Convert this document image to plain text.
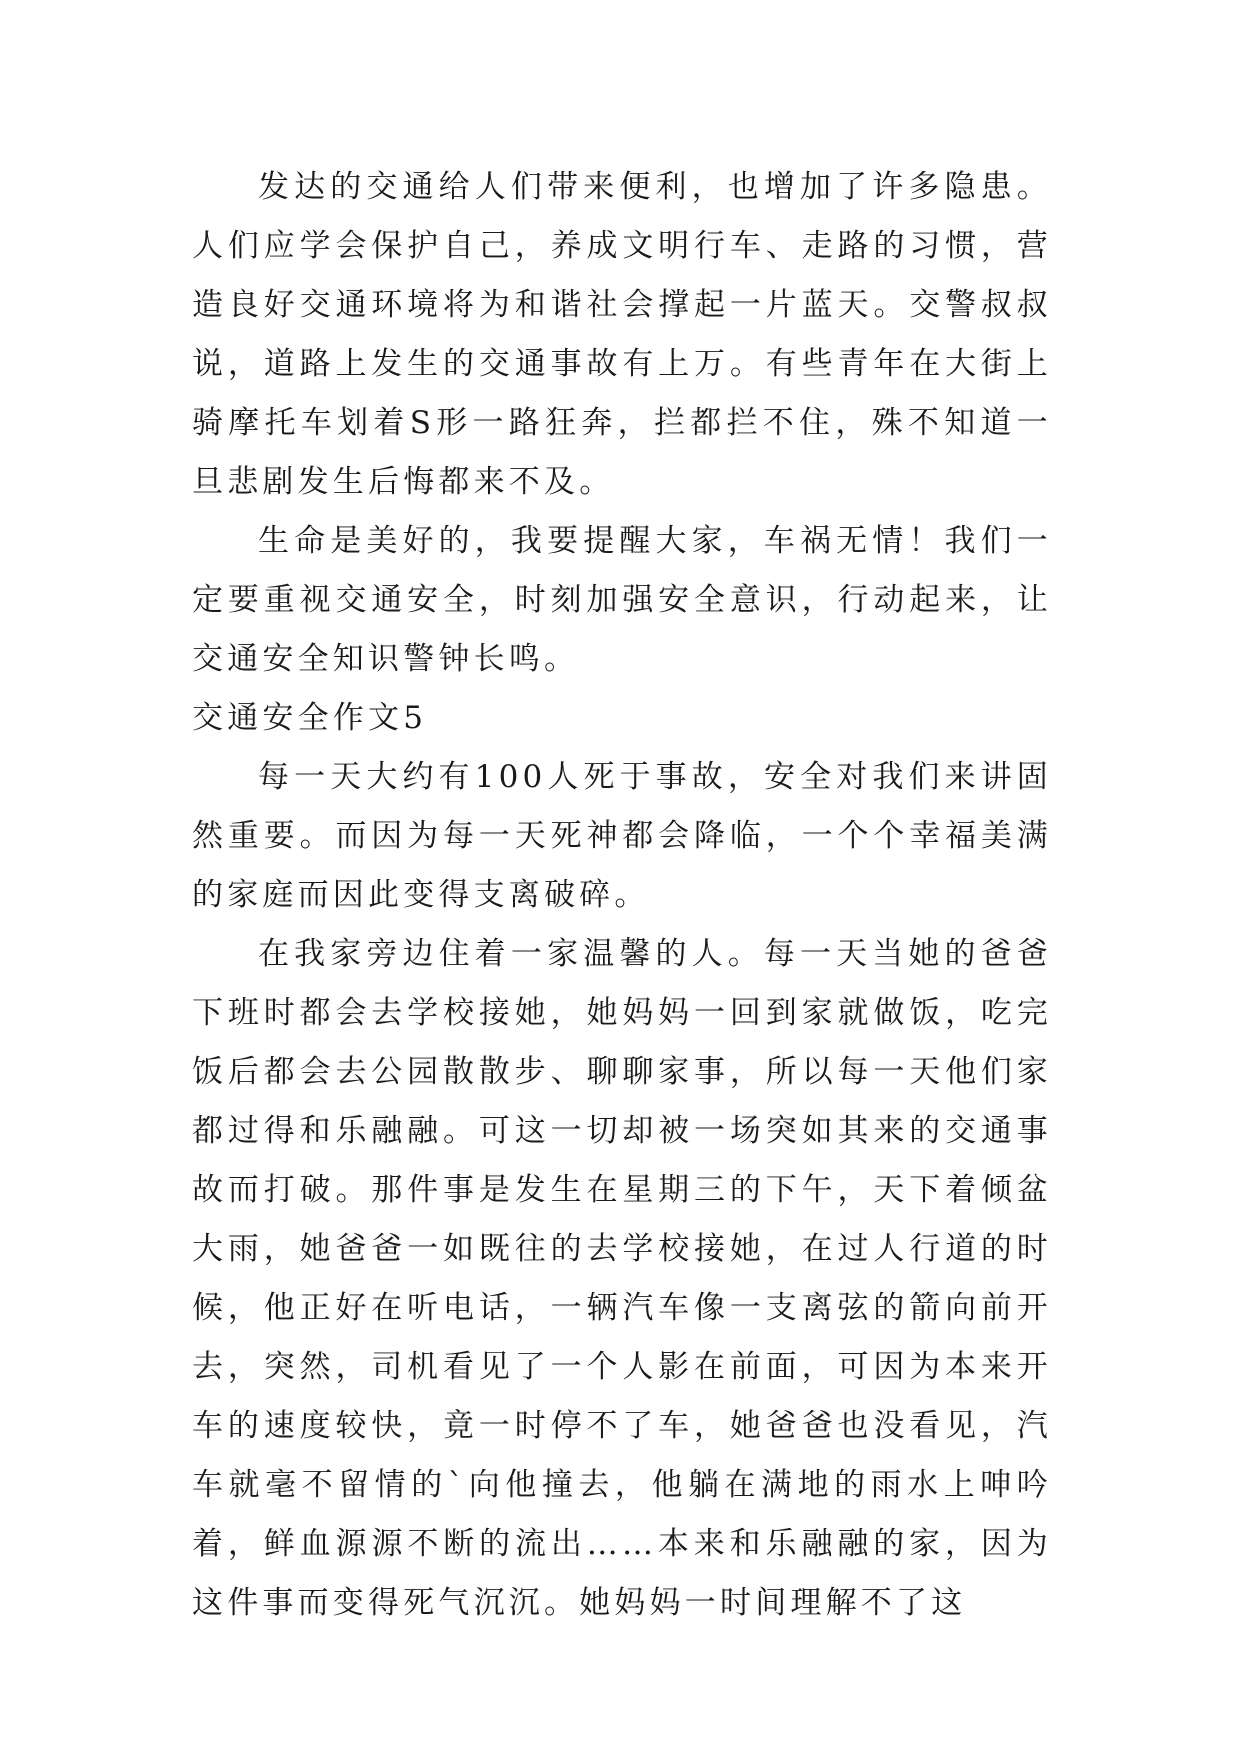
发达的交通给人们带来便利，也增加了许多隐患。人们应学会保护自己，养成文明行车、走路的习惯，营造良好交通环境将为和谐社会撑起一片蓝天。交警叔叔说，道路上发生的交通事故有上万。有些青年在大街上骑摩托车划着S形一路狂奔，拦都拦不住，殊不知道一旦悲剧发生后悔都来不及。

生命是美好的，我要提醒大家，车祸无情！我们一定要重视交通安全，时刻加强安全意识，行动起来，让交通安全知识警钟长鸣。

交通安全作文5

每一天大约有100人死于事故，安全对我们来讲固然重要。而因为每一天死神都会降临，一个个幸福美满的家庭而因此变得支离破碎。

在我家旁边住着一家温馨的人。每一天当她的爸爸下班时都会去学校接她，她妈妈一回到家就做饭，吃完饭后都会去公园散散步、聊聊家事，所以每一天他们家都过得和乐融融。可这一切却被一场突如其来的交通事故而打破。那件事是发生在星期三的下午，天下着倾盆大雨，她爸爸一如既往的去学校接她，在过人行道的时候，他正好在听电话，一辆汽车像一支离弦的箭向前开去，突然，司机看见了一个人影在前面，可因为本来开车的速度较快，竟一时停不了车，她爸爸也没看见，汽车就毫不留情的`向他撞去，他躺在满地的雨水上呻吟着，鲜血源源不断的流出……本来和乐融融的家，因为这件事而变得死气沉沉。她妈妈一时间理解不了这
